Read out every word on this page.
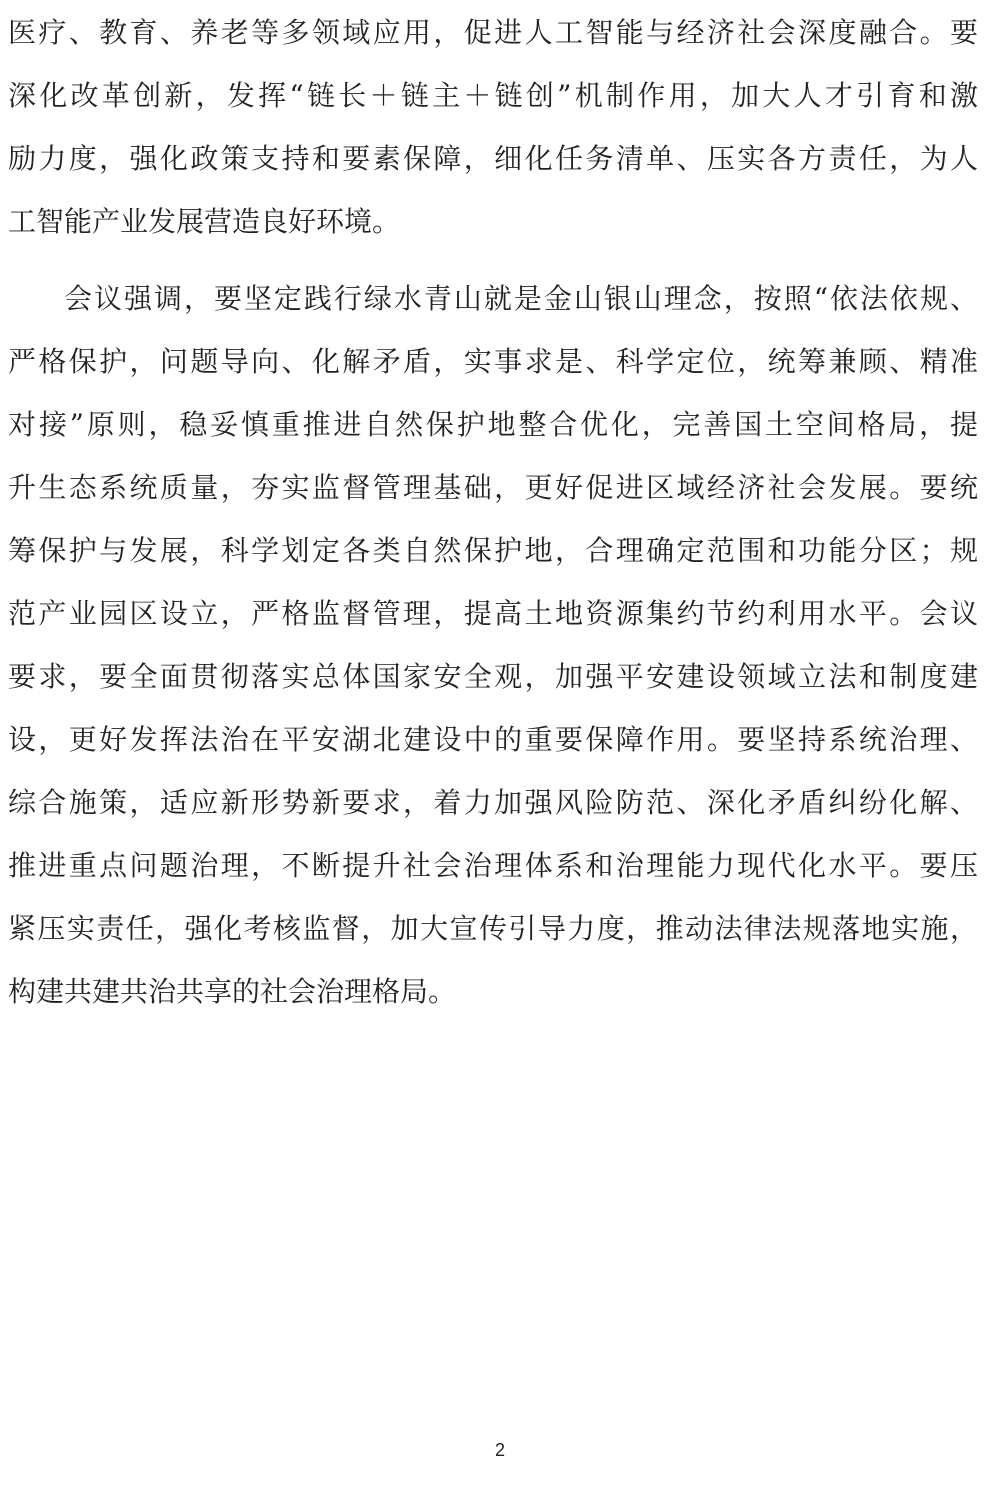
医疗、教育、养老等多领域应用，促进人工智能与经济社会深度融合。要
深化改革创新，发挥“链长＋链主＋链创”机制作用，加大人才引育和激
励力度，强化政策支持和要素保障，细化任务清单、压实各方责任，为人
工智能产业发展营造良好环境。
会议强调，要坚定践行绿水青山就是金山银山理念，按照“依法依规、
严格保护，问题导向、化解矛盾，实事求是、科学定位，统筹兼顾、精准
对接”原则，稳妥慎重推进自然保护地整合优化，完善国土空间格局，提
升生态系统质量，夯实监督管理基础，更好促进区域经济社会发展。要统
筹保护与发展，科学划定各类自然保护地，合理确定范围和功能分区；规
范产业园区设立，严格监督管理，提高土地资源集约节约利用水平。会议
要求，要全面贯彻落实总体国家安全观，加强平安建设领域立法和制度建
设，更好发挥法治在平安湖北建设中的重要保障作用。要坚持系统治理、
综合施策，适应新形势新要求，着力加强风险防范、深化矛盾纠纷化解、
推进重点问题治理，不断提升社会治理体系和治理能力现代化水平。要压
紧压实责任，强化考核监督，加大宣传引导力度，推动法律法规落地实施，
构建共建共治共享的社会治理格局。
2
